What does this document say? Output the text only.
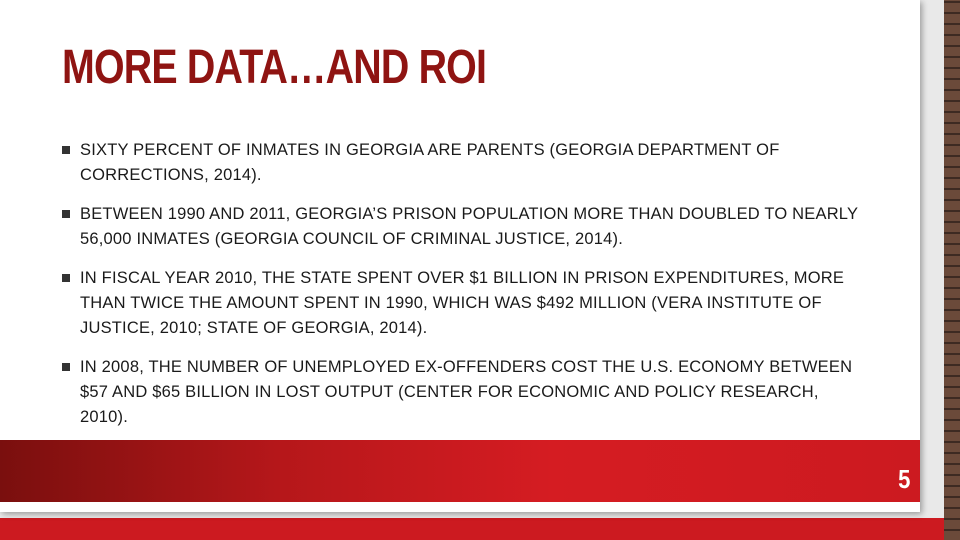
MORE DATA…AND ROI
SIXTY PERCENT OF INMATES IN GEORGIA ARE PARENTS (GEORGIA DEPARTMENT OF CORRECTIONS, 2014).
BETWEEN 1990 AND 2011, GEORGIA’S PRISON POPULATION MORE THAN DOUBLED TO NEARLY 56,000 INMATES (GEORGIA COUNCIL OF CRIMINAL JUSTICE, 2014).
IN FISCAL YEAR 2010, THE STATE SPENT OVER $1 BILLION IN PRISON EXPENDITURES, MORE THAN TWICE THE AMOUNT SPENT IN 1990, WHICH WAS $492 MILLION (VERA INSTITUTE OF JUSTICE, 2010; STATE OF GEORGIA, 2014).
IN 2008, THE NUMBER OF UNEMPLOYED EX-OFFENDERS COST THE U.S. ECONOMY BETWEEN $57 AND $65 BILLION IN LOST OUTPUT (CENTER FOR ECONOMIC AND POLICY RESEARCH, 2010).
5
